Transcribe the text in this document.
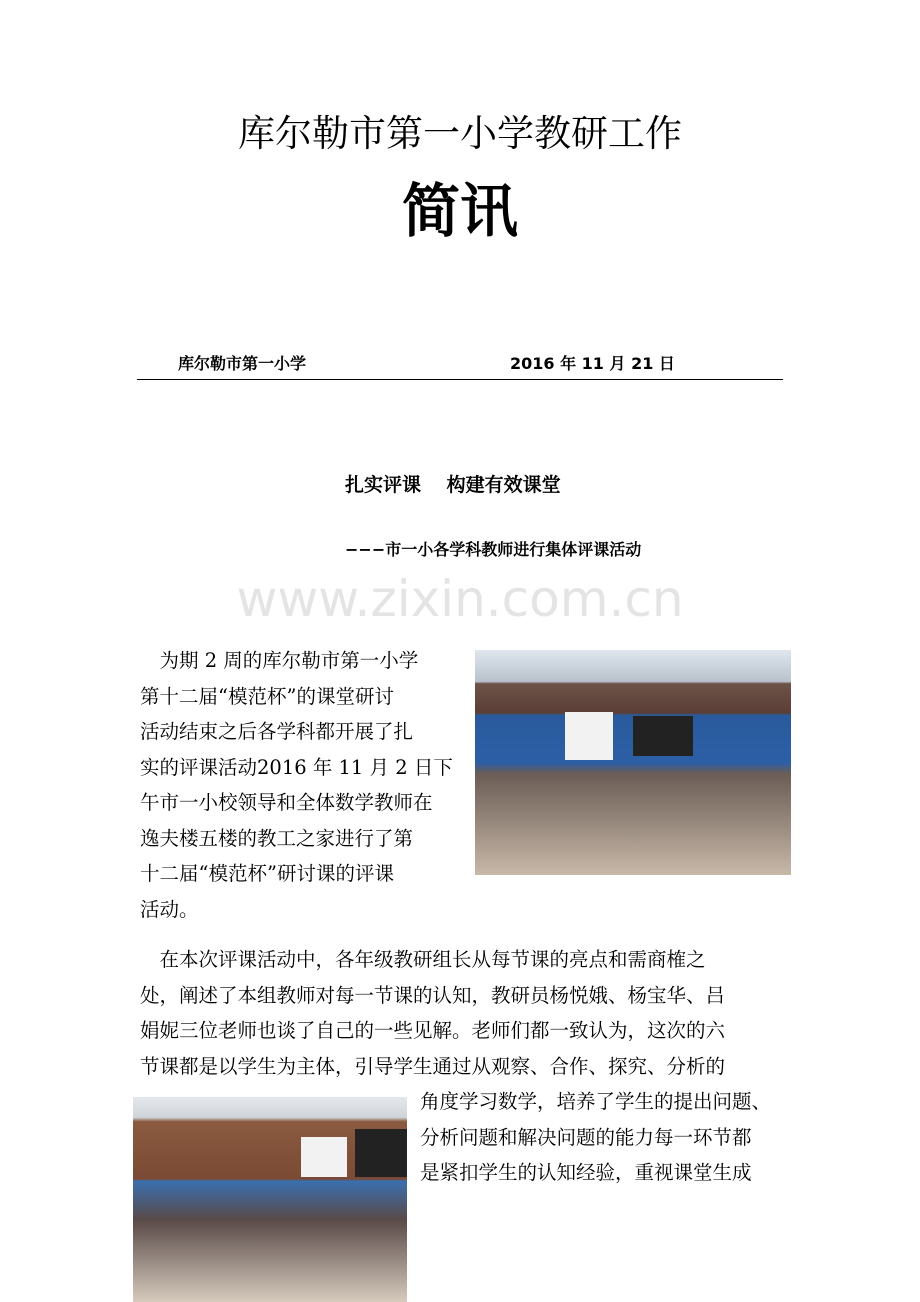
www.zixin.com.cn
库尔勒市第一小学教研工作
简讯
库尔勒市第一小学	2016 年 11 月 21 日
扎实评课　 构建有效课堂
−−−市一小各学科教师进行集体评课活动
　为期 2 周的库尔勒市第一小学
第十二届“模范杯”的课堂研讨
活动结束之后各学科都开展了扎
实的评课活动2016 年 11 月 2 日下
午市一小校领导和全体数学教师在
逸夫楼五楼的教工之家进行了第
十二届“模范杯”研讨课的评课
活动。
　在本次评课活动中，各年级教研组长从每节课的亮点和需商榷之
处，阐述了本组教师对每一节课的认知，教研员杨悦娥、杨宝华、吕
娟妮三位老师也谈了自己的一些见解。老师们都一致认为，这次的六
节课都是以学生为主体，引导学生通过从观察、合作、探究、分析的
角度学习数学，培养了学生的提出问题、
分析问题和解决问题的能力每一环节都
是紧扣学生的认知经验，重视课堂生成
